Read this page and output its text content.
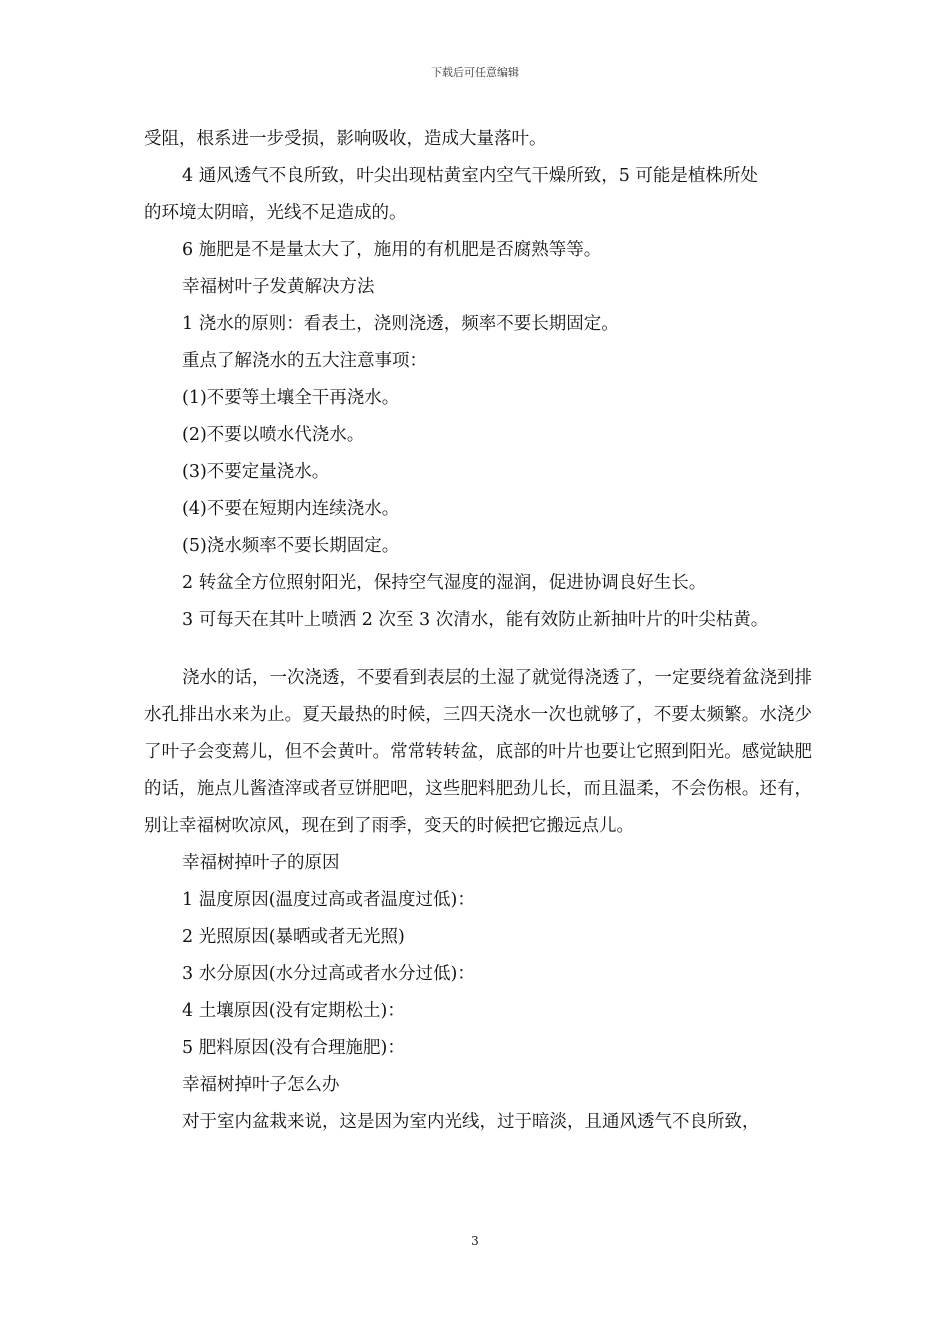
下载后可任意编辑
受阻，根系进一步受损，影响吸收，造成大量落叶。
4 通风透气不良所致，叶尖出现枯黄室内空气干燥所致，5 可能是植株所处
的环境太阴暗，光线不足造成的。
6 施肥是不是量太大了，施用的有机肥是否腐熟等等。
幸福树叶子发黄解决方法
1 浇水的原则：看表土，浇则浇透，频率不要长期固定。
重点了解浇水的五大注意事项：
(1)不要等土壤全干再浇水。
(2)不要以喷水代浇水。
(3)不要定量浇水。
(4)不要在短期内连续浇水。
(5)浇水频率不要长期固定。
2 转盆全方位照射阳光，保持空气湿度的湿润，促进协调良好生长。
3 可每天在其叶上喷洒 2 次至 3 次清水，能有效防止新抽叶片的叶尖枯黄。
浇水的话，一次浇透，不要看到表层的土湿了就觉得浇透了，一定要绕着盆浇到排水孔排出水来为止。夏天最热的时候，三四天浇水一次也就够了，不要太频繁。水浇少了叶子会变蔫儿，但不会黄叶。常常转转盆，底部的叶片也要让它照到阳光。感觉缺肥的话，施点儿酱渣滓或者豆饼肥吧，这些肥料肥劲儿长，而且温柔，不会伤根。还有，别让幸福树吹凉风，现在到了雨季，变天的时候把它搬远点儿。
幸福树掉叶子的原因
1 温度原因(温度过高或者温度过低)：
2 光照原因(暴晒或者无光照)
3 水分原因(水分过高或者水分过低)：
4 土壤原因(没有定期松土)：
5 肥料原因(没有合理施肥)：
幸福树掉叶子怎么办
对于室内盆栽来说，这是因为室内光线，过于暗淡，且通风透气不良所致，
3
